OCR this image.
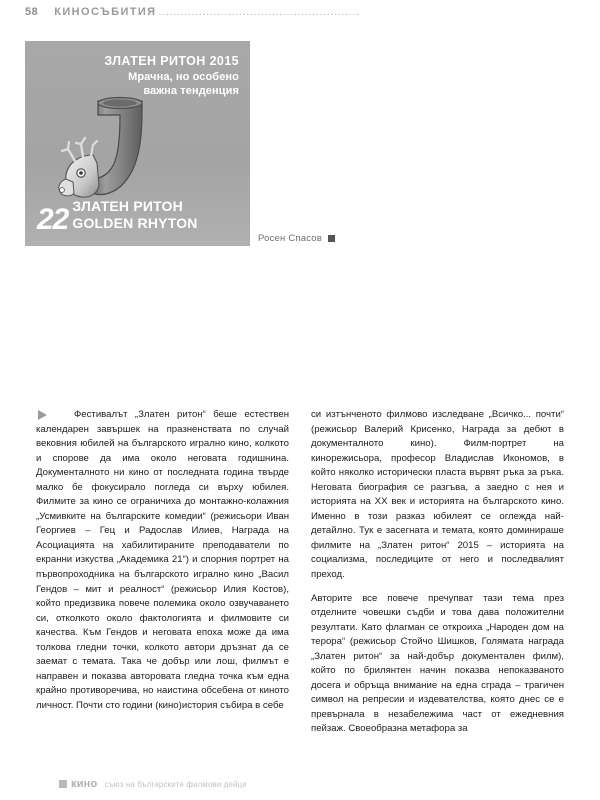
58 КИНОСЪБИТИЯ .......................................................
ЗЛАТЕН РИТОН 2015
Мрачна, но особено
важна тенденция
22 ЗЛАТЕН РИТОН
GOLDEN RHYTON
Росен Спасов

Фестивалът „Златен ритон“ беше естествен календарен завършек на празненствата по случай вековния юбилей на българското игрално кино, колкото и спорове да има около неговата годишнина. Документалното ни кино от последната година твърде малко бе фокусирало погледа си върху юбилея. Филмите за кино се ограничиха до монтажно-колажния „Усмивките на българските комедии“ (режисьори Иван Георгиев – Гец и Радослав Илиев, Награда на Асоциацията на хабилитираните преподаватели по екранни изкуства „Академика 21“) и спорния портрет на първопроходника на българското игрално кино „Васил Гендов – мит и реалност“ (режисьор Илия Костов), който предизвика повече полемика около озвучаването си, отколкото около фактологията и филмовите си качества. Към Гендов и неговата епоха може да има толкова гледни точки, колкото автори дръзнат да се заемат с темата. Така че добър или лош, филмът е направен и показва авторовата гледна точка към една крайно противоречива, но наистина обсебена от киното личност. Почти сто години (кино)история събира в себе

си изтънченото филмово изследване „Всичко... почти“ (режисьор Валерий Крисенко, Награда за дебют в документалното кино). Филм-портрет на кинорежисьора, професор Владислав Икономов, в който няколко исторически пласта вървят ръка за ръка. Неговата биография се разгъва, а заедно с нея и историята на XX век и историята на българското кино. Именно в този разказ юбилеят се оглежда най-детайлно. Тук е засегната и темата, която доминираше филмите на „Златен ритон“ 2015 – историята на социализма, последиците от него и последвалият преход.

Авторите все повече пречупват тази тема през отделните човешки съдби и това дава положителни резултати. Като флагман се откроиха „Народен дом на терора“ (режисьор Стойчо Шишков, Голямата награда „Златен ритон“ за най-добър документален филм), който по брилянтен начин показва непоказваното досега и обръща внимание на една сграда – трагичен символ на репресии и издевателства, която днес се е превърнала в незабележима част от ежедневния пейзаж. Своеобразна метафора за

кино съюз на българските филмови дейци
